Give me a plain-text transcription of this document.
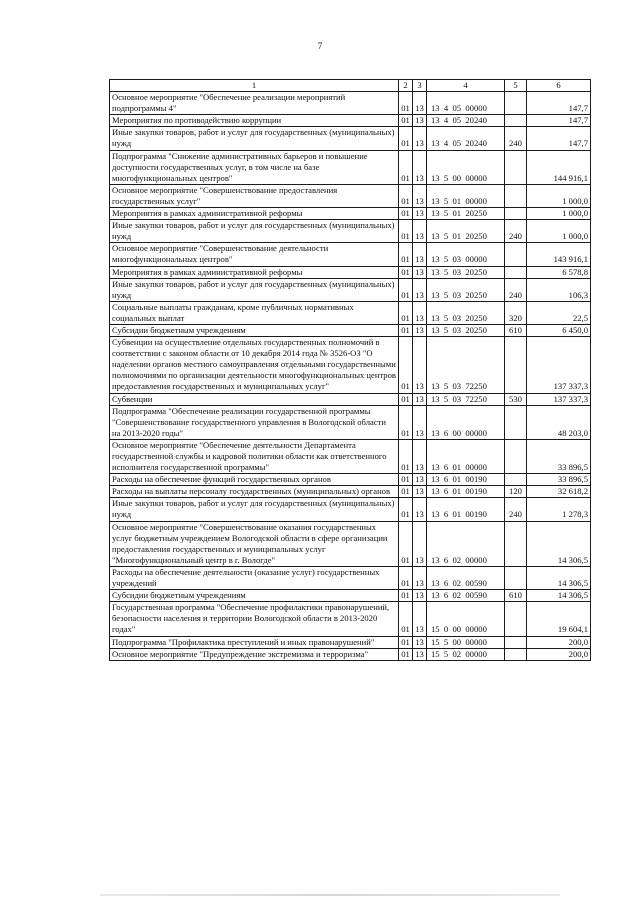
7
1	2	3	4	5	6
Основное мероприятие "Обеспечение реализации мероприятий подпрограммы 4"	01	13	13  4  05  00000		147,7
Мероприятия по противодействию коррупции	01	13	13  4  05  20240		147,7
Иные закупки товаров, работ и услуг для государственных (муниципальных) нужд	01	13	13  4  05  20240	240	147,7
Подпрограмма "Снижение административных барьеров и повышение доступности государственных услуг, в том числе на базе многофункциональных центров"	01	13	13  5  00  00000		144 916,1
Основное мероприятие "Совершенствование предоставления государственных услуг"	01	13	13  5  01  00000		1 000,0
Мероприятия в рамках административной реформы	01	13	13  5  01  20250		1 000,0
Иные закупки товаров, работ и услуг для государственных (муниципальных) нужд	01	13	13  5  01  20250	240	1 000,0
Основное мероприятие "Совершенствование деятельности многофункциональных центров"	01	13	13  5  03  00000		143 916,1
Мероприятия в рамках административной реформы	01	13	13  5  03  20250		6 578,8
Иные закупки товаров, работ и услуг для государственных (муниципальных) нужд	01	13	13  5  03  20250	240	106,3
Социальные выплаты гражданам, кроме публичных нормативных социальных выплат	01	13	13  5  03  20250	320	22,5
Субсидии бюджетным учреждениям	01	13	13  5  03  20250	610	6 450,0
Субвенции на осуществление отдельных государственных полномочий в соответствии с законом области от 10 декабря 2014 года № 3526-ОЗ "О наделении органов местного самоуправления отдельными государственными полномочиями по организации деятельности многофункциональных центров предоставления государственных и муниципальных услуг"	01	13	13  5  03  72250		137 337,3
Субвенции	01	13	13  5  03  72250	530	137 337,3
Подпрограмма "Обеспечение реализации государственной программы "Совершенствование государственного управления в Вологодской области на 2013-2020 годы"	01	13	13  6  00  00000		48 203,0
Основное мероприятие "Обеспечение деятельности Департамента государственной службы и кадровой политики области как ответственного исполнителя государственной программы"	01	13	13  6  01  00000		33 896,5
Расходы на обеспечение функций государственных органов	01	13	13  6  01  00190		33 896,5
Расходы на выплаты персоналу государственных (муниципальных) органов	01	13	13  6  01  00190	120	32 618,2
Иные закупки товаров, работ и услуг для государственных (муниципальных) нужд	01	13	13  6  01  00190	240	1 278,3
Основное мероприятие "Совершенствование оказания государственных услуг бюджетным учреждением Вологодской области в сфере организации предоставления государственных и муниципальных услуг "Многофункциональный центр в г. Вологде"	01	13	13  6  02  00000		14 306,5
Расходы на обеспечение деятельности (оказание услуг) государственных учреждений	01	13	13  6  02  00590		14 306,5
Субсидии бюджетным учреждениям	01	13	13  6  02  00590	610	14 306,5
Государственная программа "Обеспечение профилактики правонарушений, безопасности населения и территории Вологодской области в 2013-2020 годах"	01	13	15  0  00  00000		19 604,1
Подпрограмма "Профилактика преступлений и иных правонарушений"	01	13	15  5  00  00000		200,0
Основное мероприятие "Предупреждение экстремизма и терроризма"	01	13	15  5  02  00000		200,0
